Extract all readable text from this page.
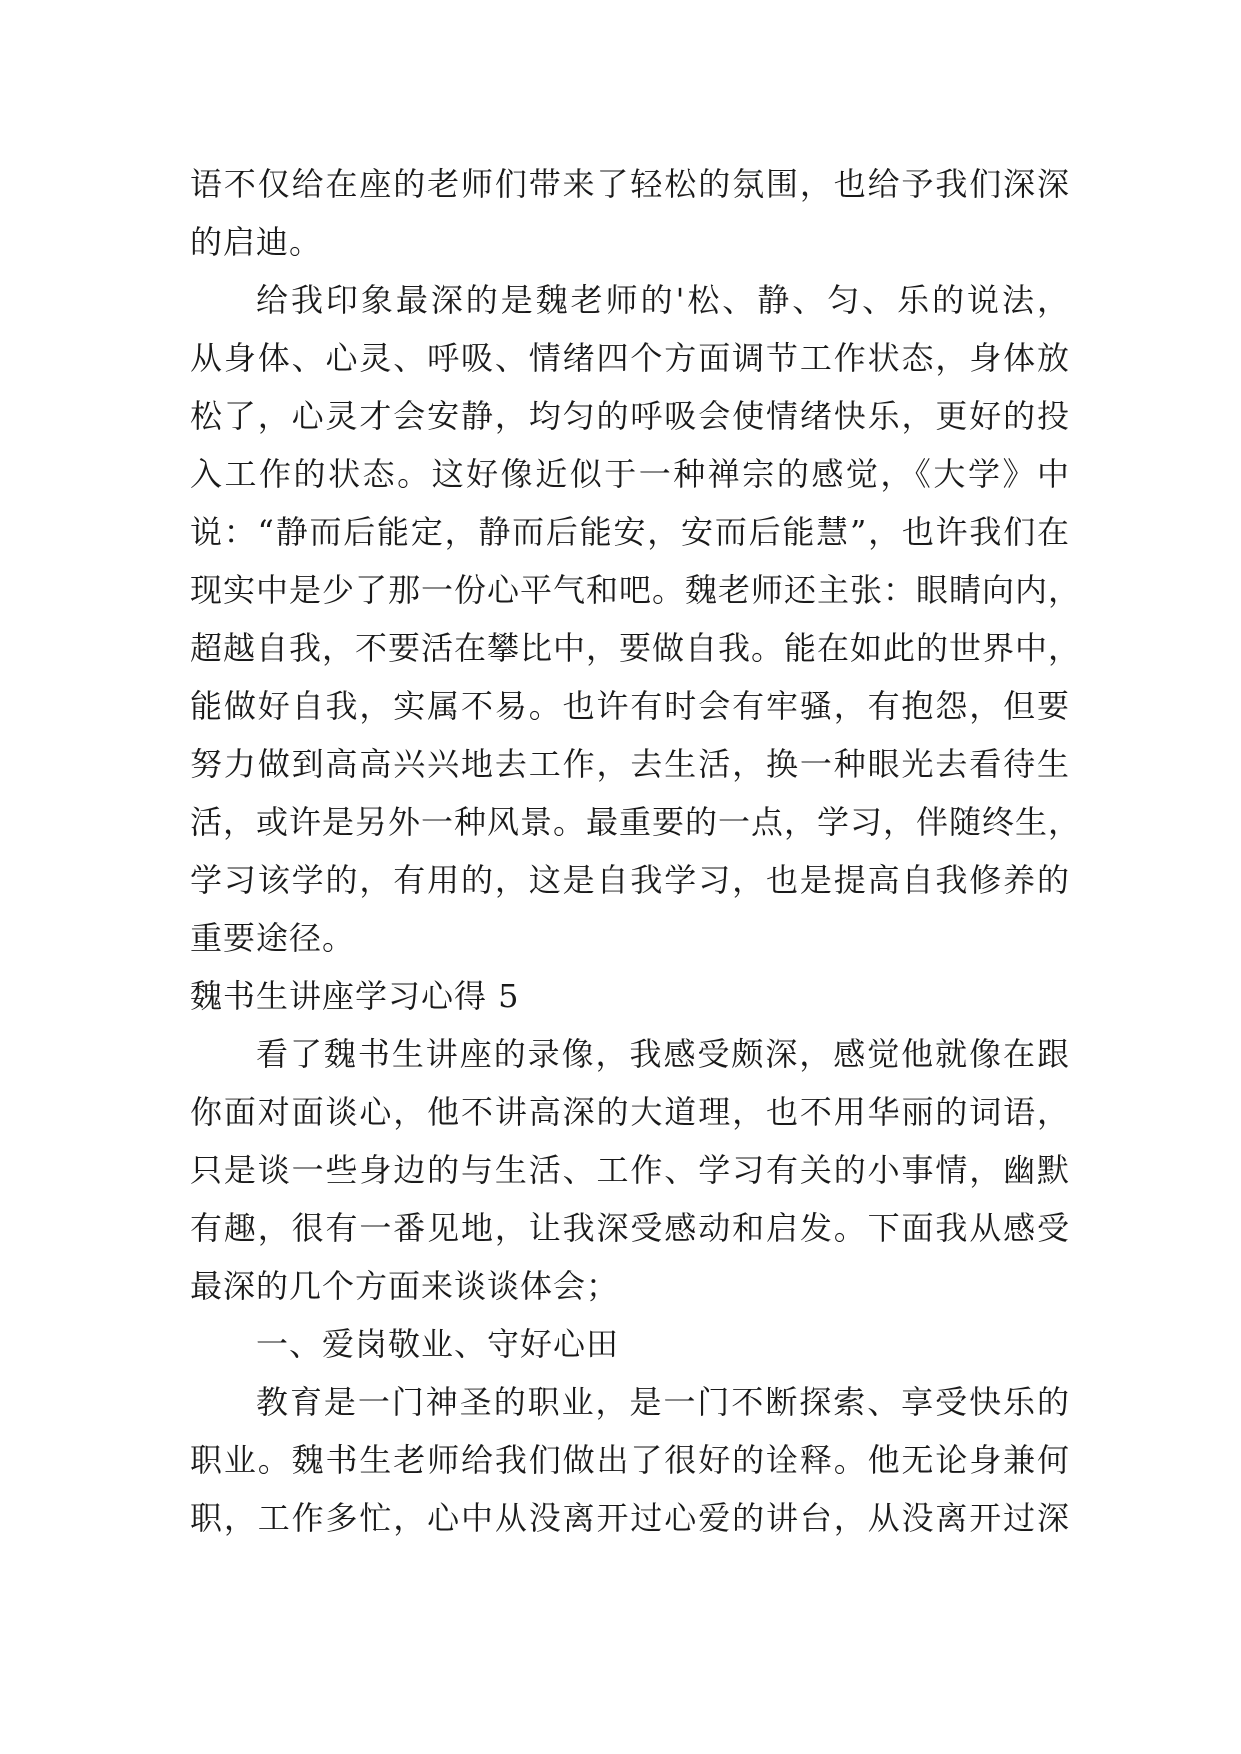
语不仅给在座的老师们带来了轻松的氛围，也给予我们深深
的启迪。
给我印象最深的是魏老师的'松、静、匀、乐的说法，
从身体、心灵、呼吸、情绪四个方面调节工作状态，身体放
松了，心灵才会安静，均匀的呼吸会使情绪快乐，更好的投
入工作的状态。这好像近似于一种禅宗的感觉，《大学》中
说：“静而后能定，静而后能安，安而后能慧”，也许我们在
现实中是少了那一份心平气和吧。魏老师还主张：眼睛向内，
超越自我，不要活在攀比中，要做自我。能在如此的世界中，
能做好自我，实属不易。也许有时会有牢骚，有抱怨，但要
努力做到高高兴兴地去工作，去生活，换一种眼光去看待生
活，或许是另外一种风景。最重要的一点，学习，伴随终生，
学习该学的，有用的，这是自我学习，也是提高自我修养的
重要途径。
魏书生讲座学习心得 5
看了魏书生讲座的录像，我感受颇深，感觉他就像在跟
你面对面谈心，他不讲高深的大道理，也不用华丽的词语，
只是谈一些身边的与生活、工作、学习有关的小事情，幽默
有趣，很有一番见地，让我深受感动和启发。下面我从感受
最深的几个方面来谈谈体会；
一、爱岗敬业、守好心田
教育是一门神圣的职业，是一门不断探索、享受快乐的
职业。魏书生老师给我们做出了很好的诠释。他无论身兼何
职，工作多忙，心中从没离开过心爱的讲台，从没离开过深
